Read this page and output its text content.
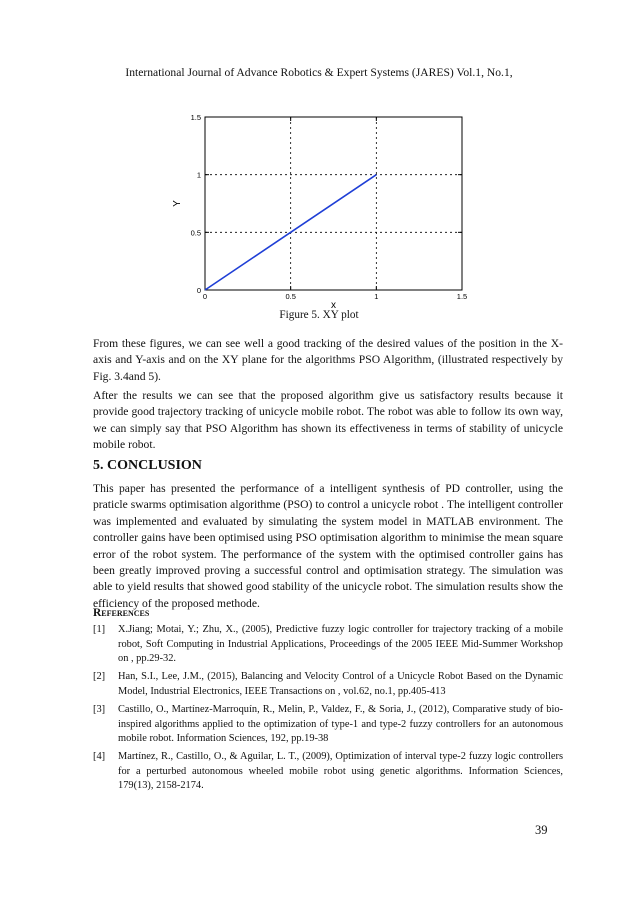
International Journal of Advance Robotics & Expert Systems (JARES) Vol.1, No.1,
0	0.5	1	1.5
0
0.5
1
1.5
x
Y
Figure 5. XY plot

From these figures, we can see well a good tracking of the desired values of the position in the X-axis and Y-axis and on the XY plane for the algorithms PSO Algorithm, (illustrated respectively by Fig. 3.4and 5).

After the results we can see that the proposed algorithm give us satisfactory results because it provide good trajectory tracking of unicycle mobile robot. The robot was able to follow its own way, we can simply say that PSO Algorithm has shown its effectiveness in terms of stability of unicycle mobile robot.

5. CONCLUSION

This paper has presented the performance of a intelligent synthesis of PD controller, using the praticle swarms optimisation algorithme (PSO) to control a unicycle robot . The intelligent controller was implemented and evaluated by simulating the system model in MATLAB environment. The controller gains have been optimised using PSO optimisation algorithm to minimise the mean square error of the robot system. The performance of the system with the optimised controller gains has been greatly improved proving a successful control and optimisation strategy. The simulation was able to yield results that showed good stability of the unicycle robot. The simulation results show the efficiency of the proposed methode.

References
[1] X.Jiang; Motai, Y.; Zhu, X., (2005), Predictive fuzzy logic controller for trajectory tracking of a mobile robot, Soft Computing in Industrial Applications, Proceedings of the 2005 IEEE Mid-Summer Workshop on , pp.29-32.
[2] Han, S.I., Lee, J.M., (2015), Balancing and Velocity Control of a Unicycle Robot Based on the Dynamic Model, Industrial Electronics, IEEE Transactions on , vol.62, no.1, pp.405-413
[3] Castillo, O., Martínez-Marroquín, R., Melin, P., Valdez, F., & Soria, J., (2012), Comparative study of bio-inspired algorithms applied to the optimization of type-1 and type-2 fuzzy controllers for an autonomous mobile robot. Information Sciences, 192, pp.19-38
[4] Martínez, R., Castillo, O., & Aguilar, L. T., (2009), Optimization of interval type-2 fuzzy logic controllers for a perturbed autonomous wheeled mobile robot using genetic algorithms. Information Sciences, 179(13), 2158-2174.
39
